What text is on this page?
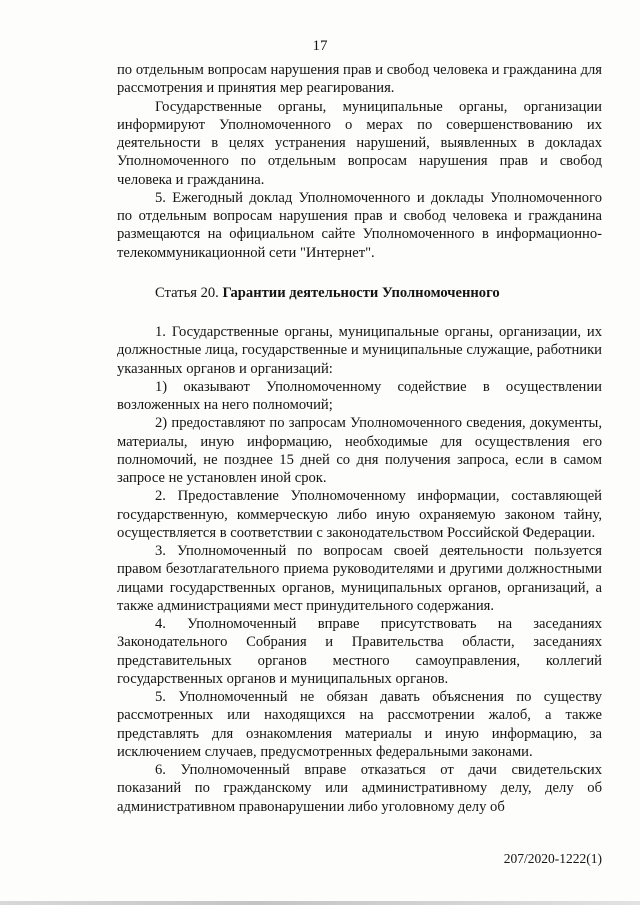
17

по отдельным вопросам нарушения прав и свобод человека и гражданина для рассмотрения и принятия мер реагирования.

Государственные органы, муниципальные органы, организации информируют Уполномоченного о мерах по совершенствованию их деятельности в целях устранения нарушений, выявленных в докладах Уполномоченного по отдельным вопросам нарушения прав и свобод человека и гражданина.

5. Ежегодный доклад Уполномоченного и доклады Уполномоченного по отдельным вопросам нарушения прав и свобод человека и гражданина размещаются на официальном сайте Уполномоченного в информационно-телекоммуникационной сети "Интернет".

Статья 20. Гарантии деятельности Уполномоченного

1. Государственные органы, муниципальные органы, организации, их должностные лица, государственные и муниципальные служащие, работники указанных органов и организаций:

1) оказывают Уполномоченному содействие в осуществлении возложенных на него полномочий;

2) предоставляют по запросам Уполномоченного сведения, документы, материалы, иную информацию, необходимые для осуществления его полномочий, не позднее 15 дней со дня получения запроса, если в самом запросе не установлен иной срок.

2. Предоставление Уполномоченному информации, составляющей государственную, коммерческую либо иную охраняемую законом тайну, осуществляется в соответствии с законодательством Российской Федерации.

3. Уполномоченный по вопросам своей деятельности пользуется правом безотлагательного приема руководителями и другими должностными лицами государственных органов, муниципальных органов, организаций, а также администрациями мест принудительного содержания.

4. Уполномоченный вправе присутствовать на заседаниях Законодательного Собрания и Правительства области, заседаниях представительных органов местного самоуправления, коллегий государственных органов и муниципальных органов.

5. Уполномоченный не обязан давать объяснения по существу рассмотренных или находящихся на рассмотрении жалоб, а также представлять для ознакомления материалы и иную информацию, за исключением случаев, предусмотренных федеральными законами.

6. Уполномоченный вправе отказаться от дачи свидетельских показаний по гражданскому или административному делу, делу об административном правонарушении либо уголовному делу об

207/2020-1222(1)
